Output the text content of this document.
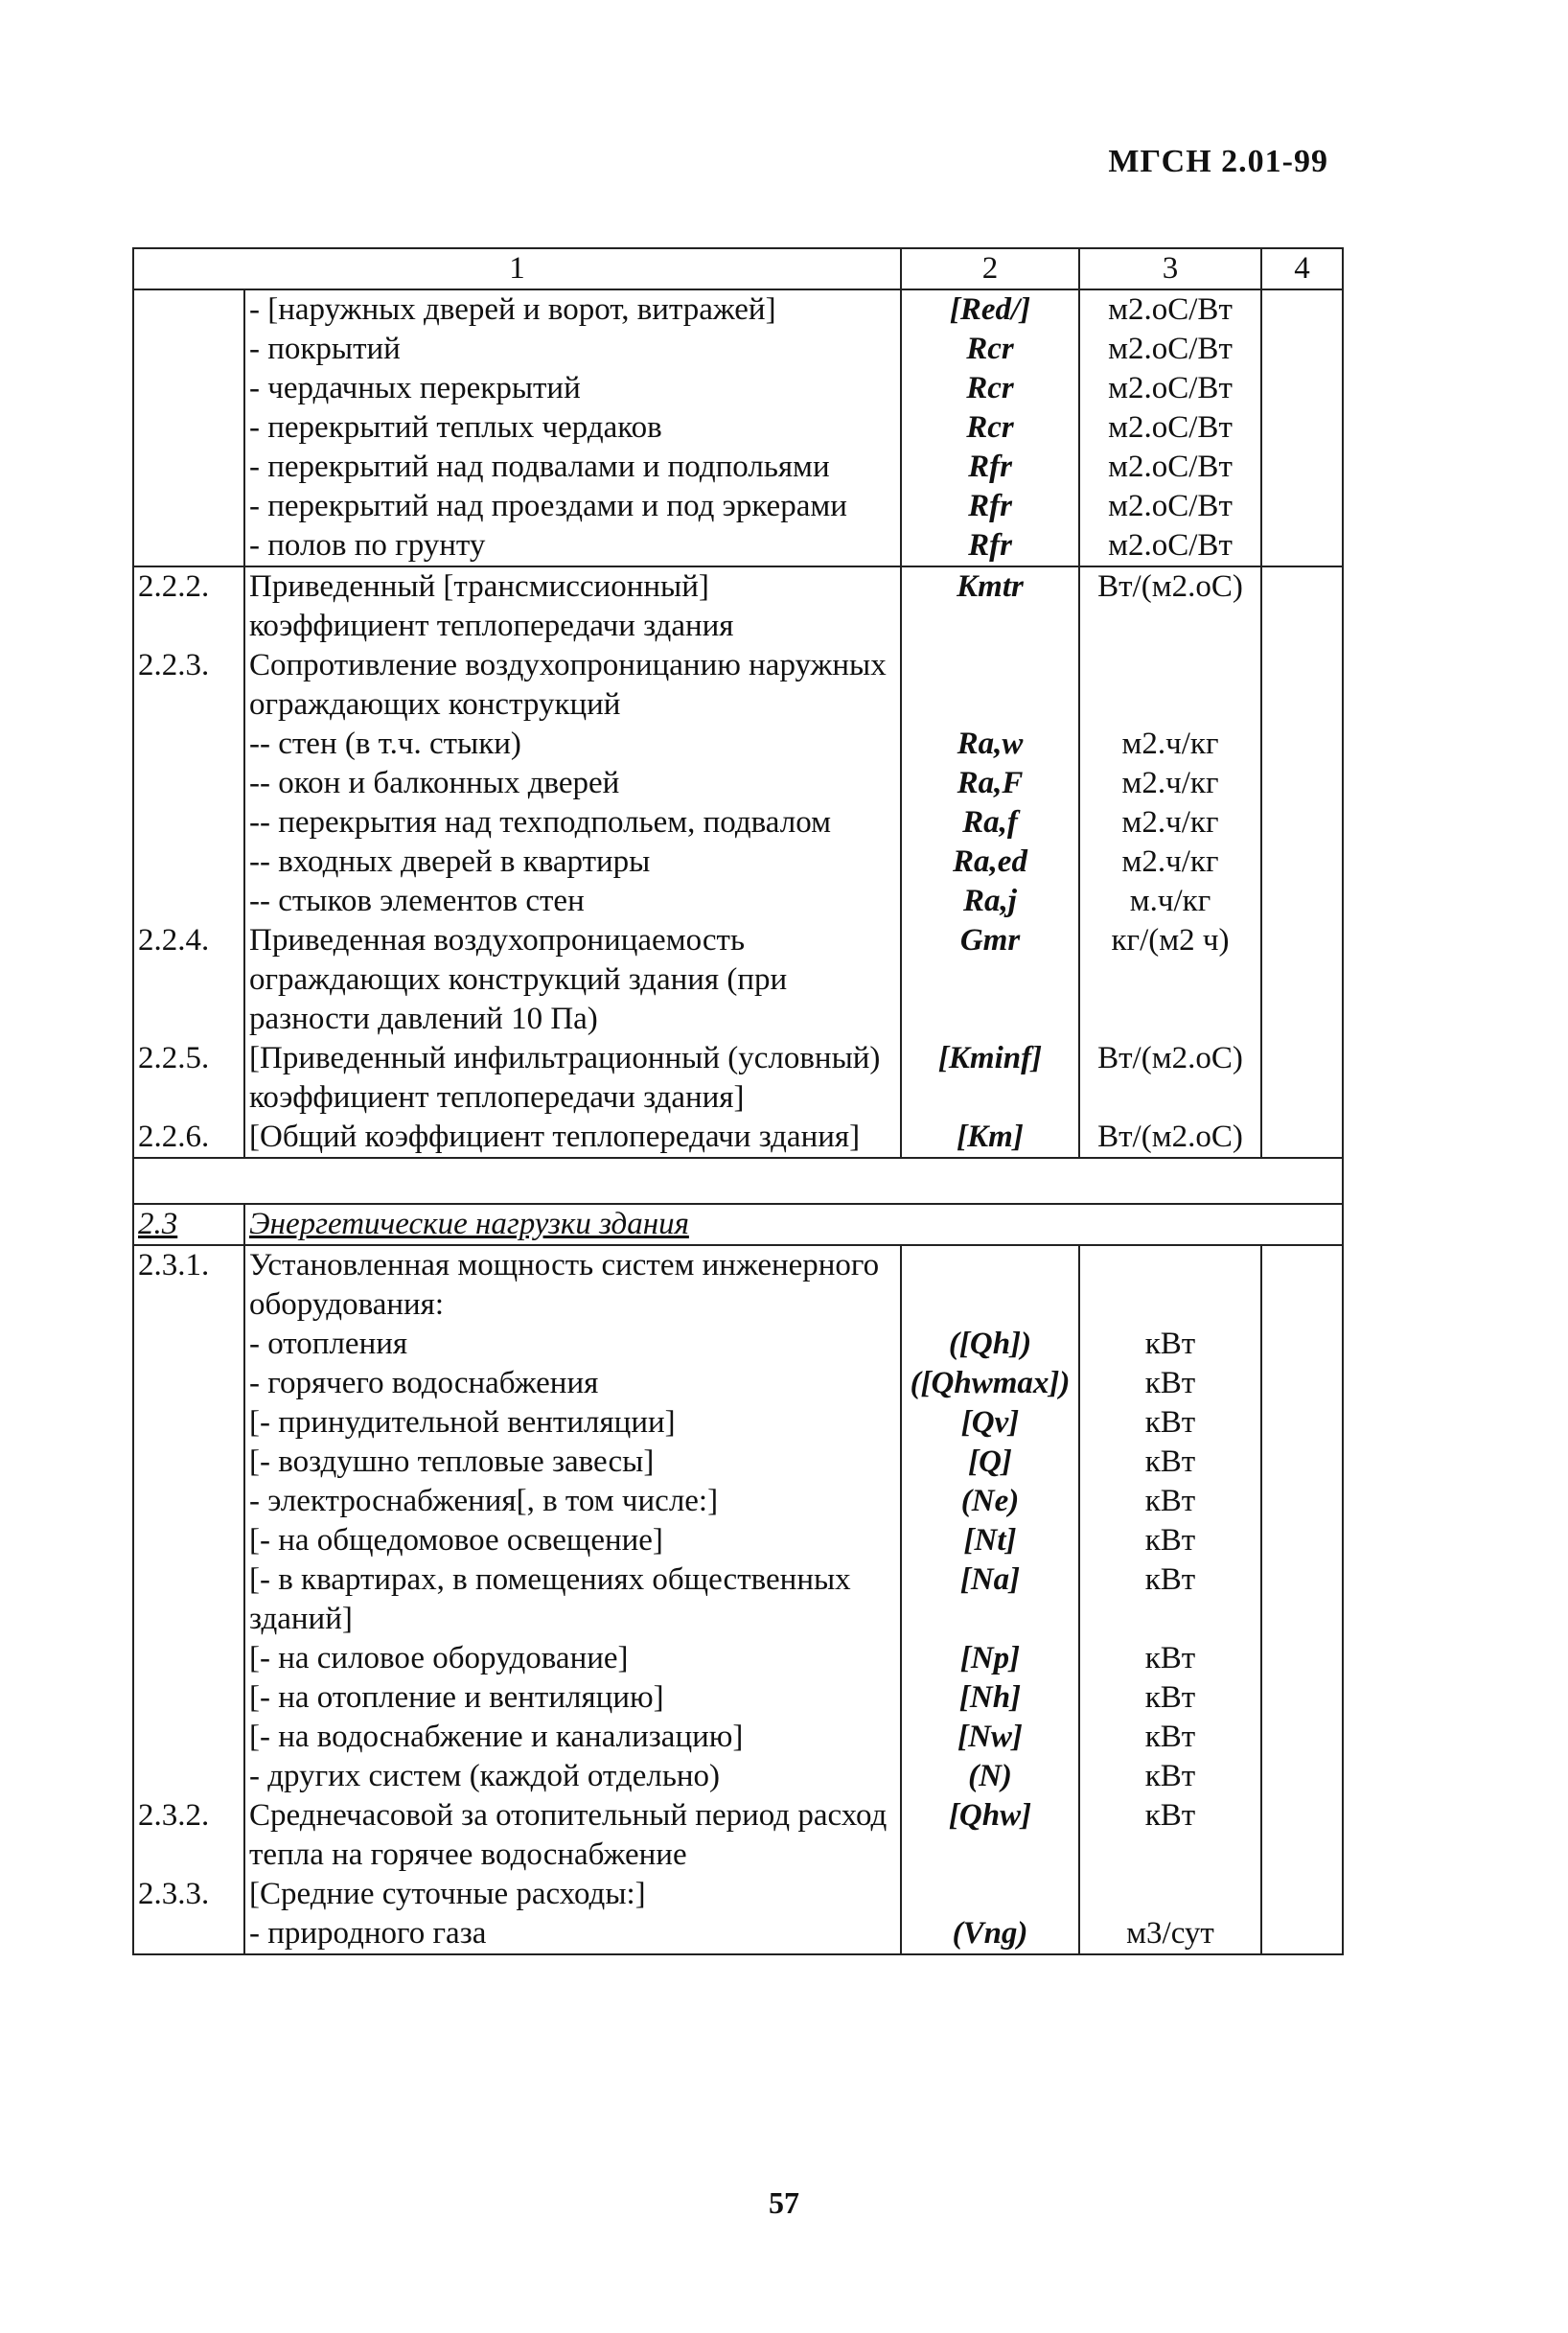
МГСН 2.01-99
1		2	3	4
	- [наружных дверей и ворот, витражей]	[Red/]	м2.оС/Вт	
	- покрытий	Rcr	м2.оС/Вт	
	- чердачных перекрытий	Rcr	м2.оС/Вт	
	- перекрытий теплых чердаков	Rcr	м2.оС/Вт	
	- перекрытий над подвалами и подпольями	Rfr	м2.оС/Вт	
	- перекрытий над проездами и под эркерами	Rfr	м2.оС/Вт	
	- полов по грунту	Rfr	м2.оС/Вт	
2.2.2.	Приведенный [трансмиссионный] коэффициент теплопередачи здания	Kmtr	Вт/(м2.оС)	
2.2.3.	Сопротивление воздухопроницанию наружных ограждающих конструкций			
	-- стен (в т.ч. стыки)	Ra,w	м2.ч/кг	
	-- окон и балконных дверей	Ra,F	м2.ч/кг	
	-- перекрытия над техподпольем, подвалом	Ra,f	м2.ч/кг	
	-- входных дверей в квартиры	Ra,ed	м2.ч/кг	
	-- стыков элементов стен	Ra,j	м.ч/кг	
2.2.4.	Приведенная воздухопроницаемость ограждающих конструкций здания (при разности давлений 10 Па)	Gmr	кг/(м2 ч)	
2.2.5.	[Приведенный инфильтрационный (условный) коэффициент теплопередачи здания]	[Kminf]	Вт/(м2.оС)	
2.2.6.	[Общий коэффициент теплопередачи здания]	[Km]	Вт/(м2.оС)	

2.3	Энергетические нагрузки здания			
2.3.1.	Установленная мощность систем инженерного оборудования:			
	- отопления	([Qh])	кВт	
	- горячего водоснабжения	([Qhwmax])	кВт	
	[- принудительной вентиляции]	[Qv]	кВт	
	[- воздушно тепловые завесы]	[Q]	кВт	
	- электроснабжения[, в том числе:]	(Ne)	кВт	
	[- на общедомовое освещение]	[Nt]	кВт	
	[- в квартирах, в помещениях общественных зданий]	[Na]	кВт	
	[- на силовое оборудование]	[Np]	кВт	
	[- на отопление и вентиляцию]	[Nh]	кВт	
	[- на водоснабжение и канализацию]	[Nw]	кВт	
	- других систем (каждой отдельно)	(N)	кВт	
2.3.2.	Среднечасовой за отопительный период расход тепла на горячее водоснабжение	[Qhw]	кВт	
2.3.3.	[Средние суточные расходы:]			
	- природного газа	(Vng)	м3/сут	
57
